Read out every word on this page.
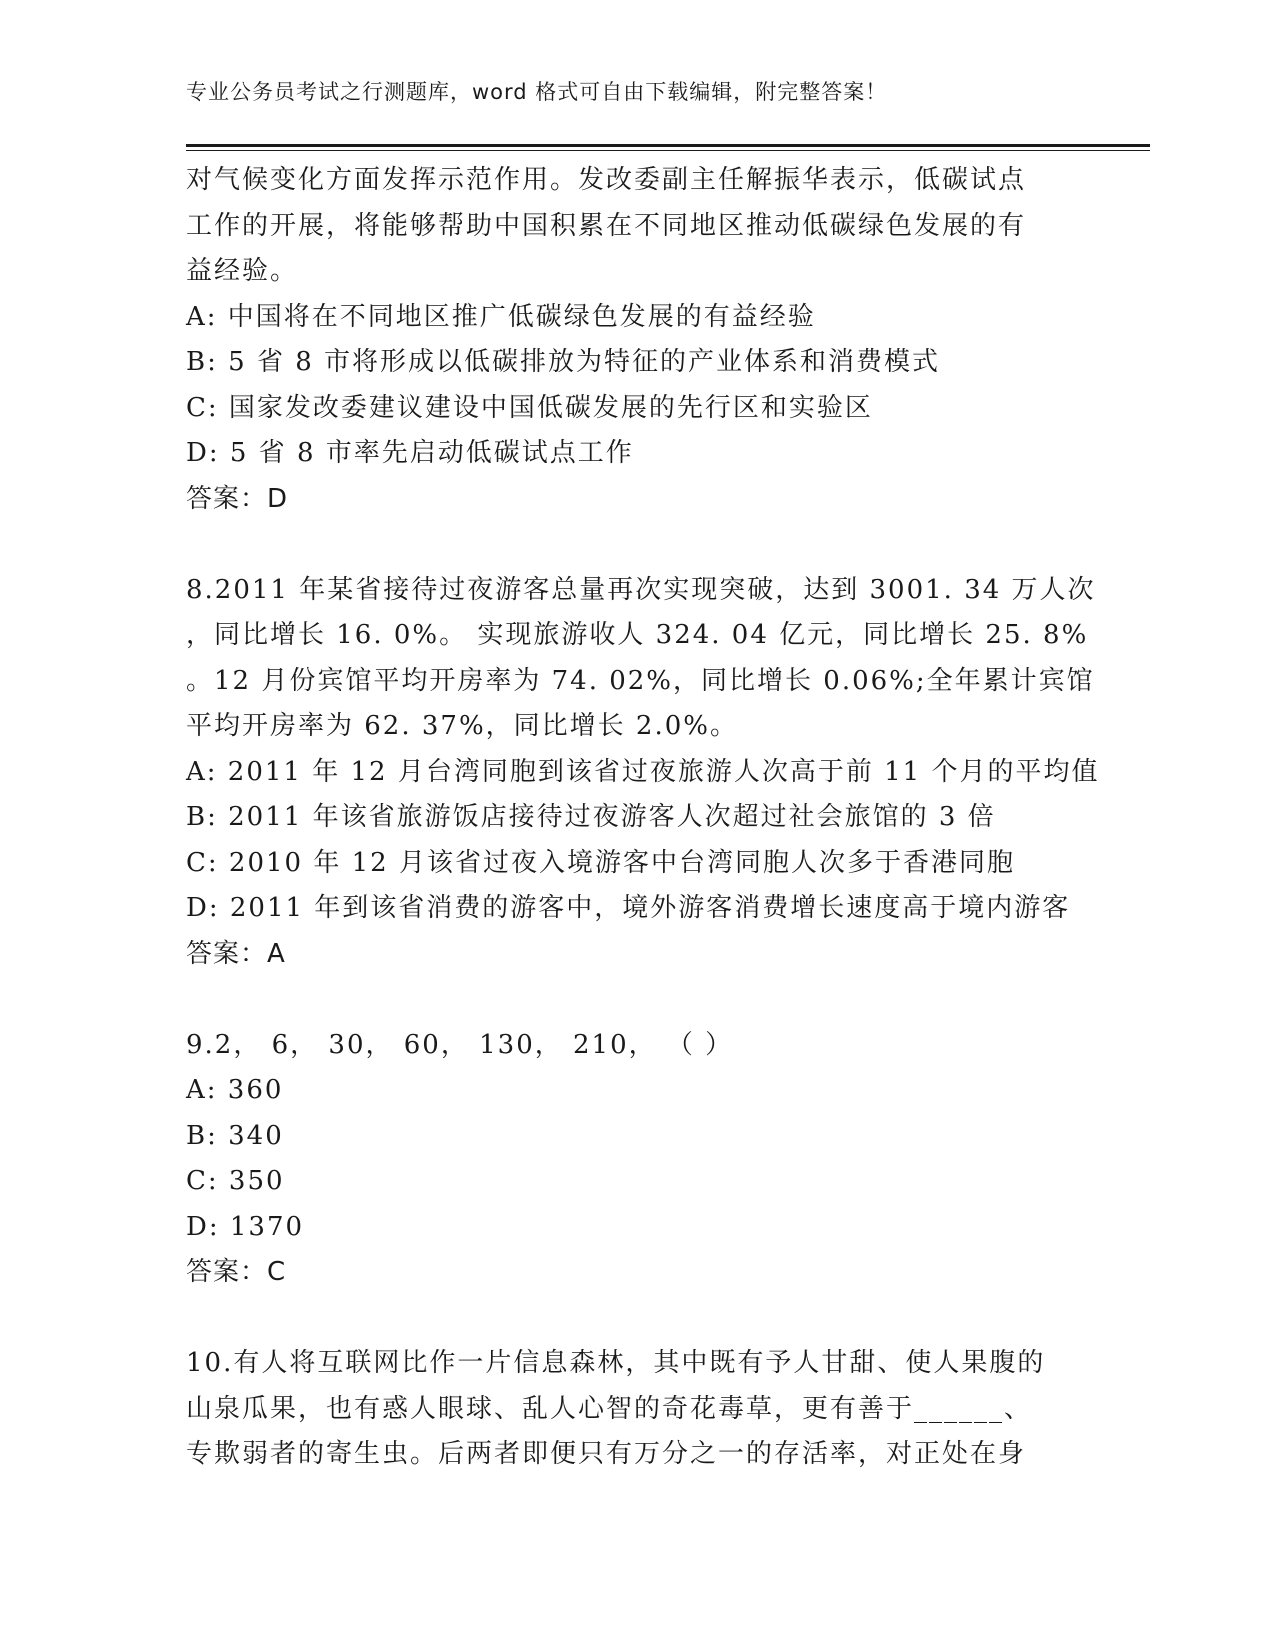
专业公务员考试之行测题库，word 格式可自由下载编辑，附完整答案！
对气候变化方面发挥示范作用。发改委副主任解振华表示，低碳试点
工作的开展，将能够帮助中国积累在不同地区推动低碳绿色发展的有
益经验。
A: 中国将在不同地区推广低碳绿色发展的有益经验
B: 5 省 8 市将形成以低碳排放为特征的产业体系和消费模式
C: 国家发改委建议建设中国低碳发展的先行区和实验区
D: 5 省 8 市率先启动低碳试点工作
答案：D
8.2011 年某省接待过夜游客总量再次实现突破，达到 3001. 34 万人次
，同比增长 16. 0%。 实现旅游收人 324. 04 亿元，同比增长 25. 8%
。12 月份宾馆平均开房率为 74. 02%，同比增长 0.06%;全年累计宾馆
平均开房率为 62. 37%，同比增长 2.0%。
A: 2011 年 12 月台湾同胞到该省过夜旅游人次高于前 11 个月的平均值
B: 2011 年该省旅游饭店接待过夜游客人次超过社会旅馆的 3 倍
C: 2010 年 12 月该省过夜入境游客中台湾同胞人次多于香港同胞
D: 2011 年到该省消费的游客中，境外游客消费增长速度高于境内游客
答案：A
9.2， 6， 30， 60， 130， 210， （ ）
A: 360
B: 340
C: 350
D: 1370
答案：C
10.有人将互联网比作一片信息森林，其中既有予人甘甜、使人果腹的
山泉瓜果，也有惑人眼球、乱人心智的奇花毒草，更有善于______、
专欺弱者的寄生虫。后两者即便只有万分之一的存活率，对正处在身
